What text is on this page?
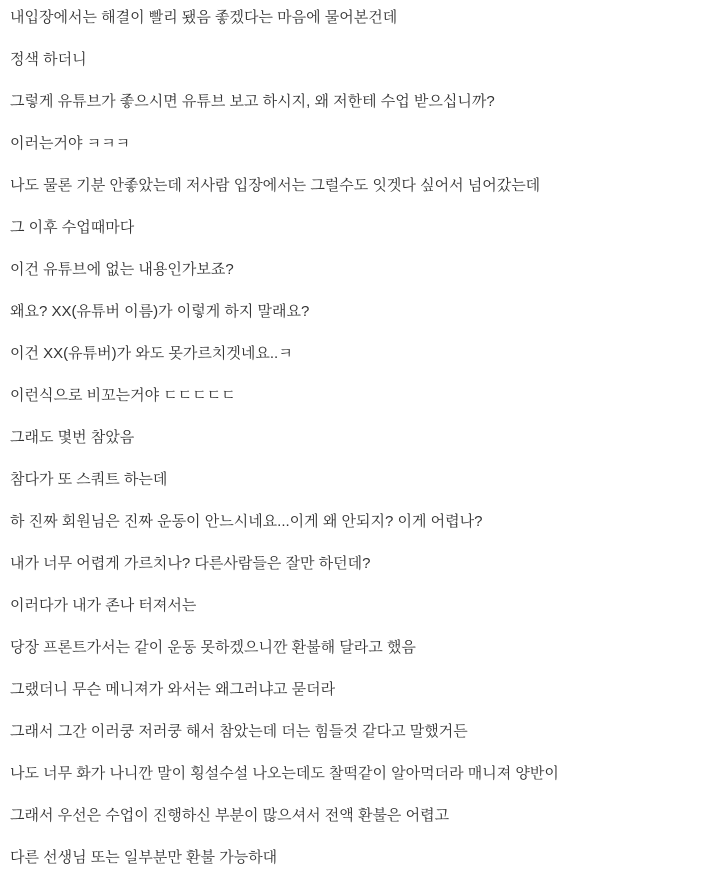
내입장에서는 해결이 빨리 됐음 좋겠다는 마음에 물어본건데

정색 하더니

그렇게 유튜브가 좋으시면 유튜브 보고 하시지, 왜 저한테 수업 받으십니까?

이러는거야 ㅋㅋㅋ

나도 물론 기분 안좋았는데 저사람 입장에서는 그럴수도 잇겟다 싶어서 넘어갔는데

그 이후 수업때마다

이건 유튜브에 없는 내용인가보죠?

왜요? XX(유튜버 이름)가 이렇게 하지 말래요?

이건 XX(유튜버)가 와도 못가르치겟네요..ㅋ

이런식으로 비꼬는거야 ㄷㄷㄷㄷㄷ

그래도 몇번 참았음

참다가 또 스쿼트 하는데

하 진짜 회원님은 진짜 운동이 안느시네요...이게 왜 안되지? 이게 어렵나?

내가 너무 어렵게 가르치나? 다른사람들은 잘만 하던데?

이러다가 내가 존나 터져서는

당장 프론트가서는 같이 운동 못하겠으니깐 환불해 달라고 했음

그랬더니 무슨 메니져가 와서는 왜그러냐고 묻더라

그래서 그간 이러쿵 저러쿵 해서 참았는데 더는 힘들것 같다고 말했거든

나도 너무 화가 나니깐 말이 횡설수설 나오는데도 찰떡같이 알아먹더라 매니져 양반이

그래서 우선은 수업이 진행하신 부분이 많으셔서 전액 환불은 어렵고

다른 선생님 또는 일부분만 환불 가능하대
